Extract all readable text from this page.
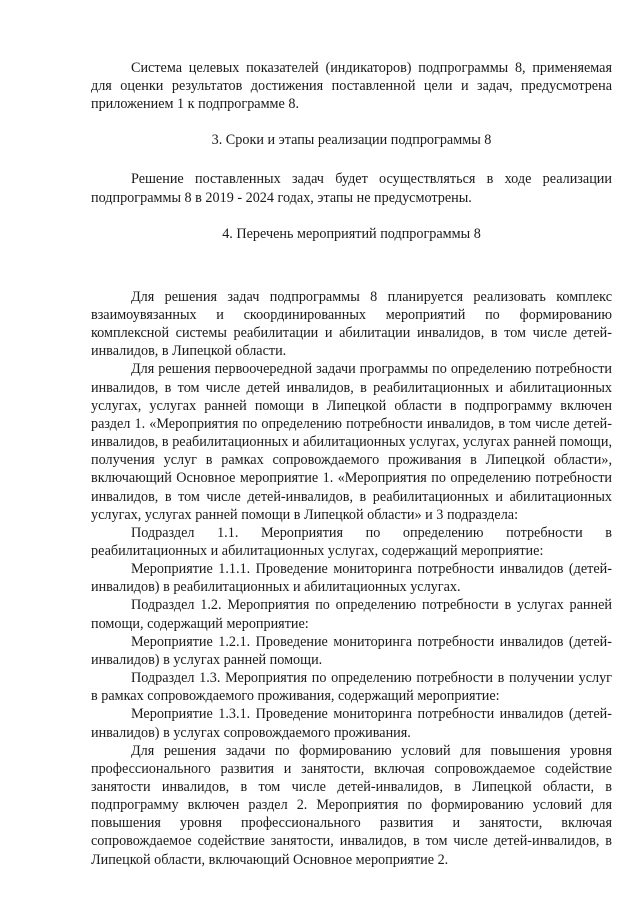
Система целевых показателей (индикаторов) подпрограммы 8, применяемая для оценки результатов достижения поставленной цели и задач, предусмотрена приложением 1 к подпрограмме 8.

3. Сроки и этапы реализации подпрограммы 8

Решение поставленных задач будет осуществляться в ходе реализации подпрограммы 8 в 2019 - 2024 годах, этапы не предусмотрены.

4. Перечень мероприятий подпрограммы 8

Для решения задач подпрограммы 8 планируется реализовать комплекс взаимоувязанных и скоординированных мероприятий по формированию комплексной системы реабилитации и абилитации инвалидов, в том числе детей-инвалидов, в Липецкой области.

Для решения первоочередной задачи программы по определению потребности инвалидов, в том числе детей инвалидов, в реабилитационных и абилитационных услугах, услугах ранней помощи в Липецкой области в подпрограмму включен раздел 1. «Мероприятия по определению потребности инвалидов, в том числе детей-инвалидов, в реабилитационных и абилитационных услугах, услугах ранней помощи, получения услуг в рамках сопровождаемого проживания в Липецкой области», включающий Основное мероприятие 1. «Мероприятия по определению потребности инвалидов, в том числе детей-инвалидов, в реабилитационных и абилитационных услугах, услугах ранней помощи в Липецкой области» и 3 подраздела:

Подраздел 1.1. Мероприятия по определению потребности в реабилитационных и абилитационных услугах, содержащий мероприятие:

Мероприятие 1.1.1. Проведение мониторинга потребности инвалидов (детей-инвалидов) в реабилитационных и абилитационных услугах.

Подраздел 1.2. Мероприятия по определению потребности в услугах ранней помощи, содержащий мероприятие:

Мероприятие 1.2.1. Проведение мониторинга потребности инвалидов (детей-инвалидов) в услугах ранней помощи.

Подраздел 1.3. Мероприятия по определению потребности в получении услуг в рамках сопровождаемого проживания, содержащий мероприятие:

Мероприятие 1.3.1. Проведение мониторинга потребности инвалидов (детей-инвалидов) в услугах сопровождаемого проживания.

Для решения задачи по формированию условий для повышения уровня профессионального развития и занятости, включая сопровождаемое содействие занятости инвалидов, в том числе детей-инвалидов, в Липецкой области, в подпрограмму включен раздел 2. Мероприятия по формированию условий для повышения уровня профессионального развития и занятости, включая сопровождаемое содействие занятости, инвалидов, в том числе детей-инвалидов, в Липецкой области, включающий Основное мероприятие 2.
